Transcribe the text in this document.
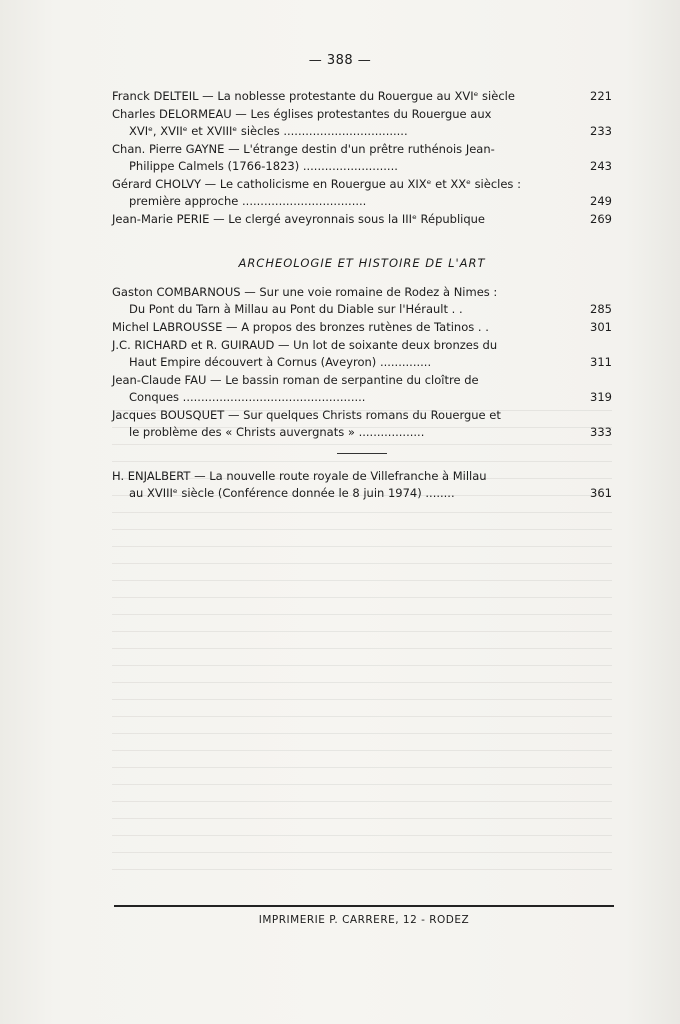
— 388 —
Franck DELTEIL — La noblesse protestante du Rouergue au XVIᵉ siècle	221
Charles DELORMEAU — Les églises protestantes du Rouergue aux
XVIᵉ, XVIIᵉ et XVIIIᵉ siècles ..................................	233
Chan. Pierre GAYNE — L'étrange destin d'un prêtre ruthénois Jean-
Philippe Calmels (1766-1823) ..........................	243
Gérard CHOLVY — Le catholicisme en Rouergue au XIXᵉ et XXᵉ siècles :
première approche ..................................	249
Jean-Marie PERIE — Le clergé aveyronnais sous la IIIᵉ République	269
ARCHEOLOGIE ET HISTOIRE DE L'ART
Gaston COMBARNOUS — Sur une voie romaine de Rodez à Nimes :
Du Pont du Tarn à Millau au Pont du Diable sur l'Hérault . .	285
Michel LABROUSSE — A propos des bronzes rutènes de Tatinos . .	301
J.C. RICHARD et R. GUIRAUD — Un lot de soixante deux bronzes du
Haut Empire découvert à Cornus (Aveyron) ..............	311
Jean-Claude FAU — Le bassin roman de serpantine du cloître de
Conques ..................................................	319
Jacques BOUSQUET — Sur quelques Christs romans du Rouergue et
le problème des « Christs auvergnats » ..................	333
H. ENJALBERT — La nouvelle route royale de Villefranche à Millau
au XVIIIᵉ siècle (Conférence donnée le 8 juin 1974) ........	361
IMPRIMERIE P. CARRERE, 12 - RODEZ
